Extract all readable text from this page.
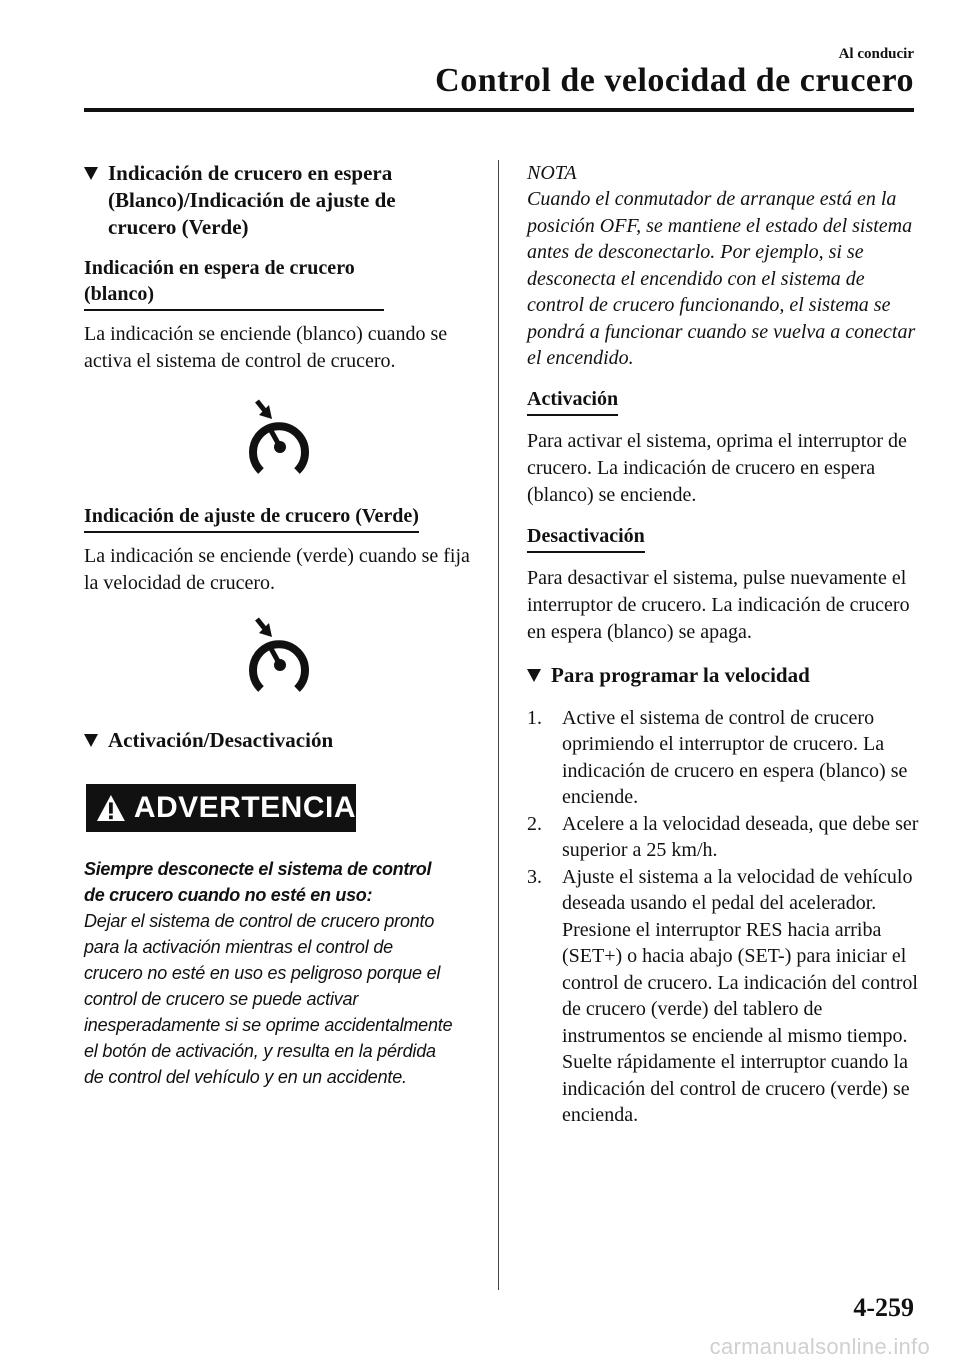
Al conducir
Control de velocidad de crucero
Indicación de crucero en espera (Blanco)/Indicación de ajuste de crucero (Verde)
Indicación en espera de crucero (blanco)

La indicación se enciende (blanco) cuando se activa el sistema de control de crucero.

Indicación de ajuste de crucero (Verde)

La indicación se enciende (verde) cuando se fija la velocidad de crucero.

Activación/Desactivación
ADVERTENCIA

Siempre desconecte el sistema de control de crucero cuando no esté en uso:

Dejar el sistema de control de crucero pronto para la activación mientras el control de crucero no esté en uso es peligroso porque el control de crucero se puede activar inesperadamente si se oprime accidentalmente el botón de activación, y resulta en la pérdida de control del vehículo y en un accidente.

NOTA

Cuando el conmutador de arranque está en la posición OFF, se mantiene el estado del sistema antes de desconectarlo. Por ejemplo, si se desconecta el encendido con el sistema de control de crucero funcionando, el sistema se pondrá a funcionar cuando se vuelva a conectar el encendido.

Activación

Para activar el sistema, oprima el interruptor de crucero. La indicación de crucero en espera (blanco) se enciende.

Desactivación

Para desactivar el sistema, pulse nuevamente el interruptor de crucero. La indicación de crucero en espera (blanco) se apaga.

Para programar la velocidad
1.	Active el sistema de control de crucero oprimiendo el interruptor de crucero. La indicación de crucero en espera (blanco) se enciende.
2.	Acelere a la velocidad deseada, que debe ser superior a 25 km/h.
3.	Ajuste el sistema a la velocidad de vehículo deseada usando el pedal del acelerador. Presione el interruptor RES hacia arriba (SET+) o hacia abajo (SET-) para iniciar el control de crucero. La indicación del control de crucero (verde) del tablero de instrumentos se enciende al mismo tiempo. Suelte rápidamente el interruptor cuando la indicación del control de crucero (verde) se encienda.
4-259
carmanualsonline.info
